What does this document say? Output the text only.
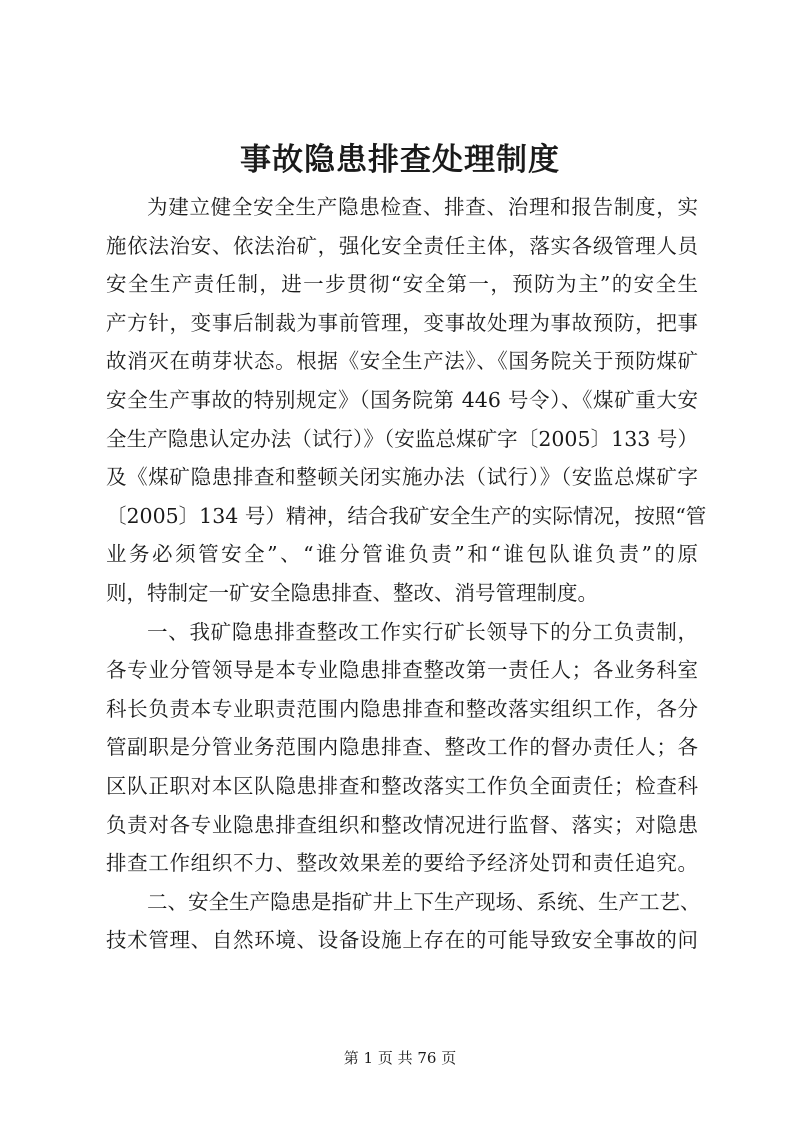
事故隐患排查处理制度
为建立健全安全生产隐患检查、排查、治理和报告制度，实
施依法治安、依法治矿，强化安全责任主体，落实各级管理人员
安全生产责任制，进一步贯彻“安全第一，预防为主”的安全生
产方针，变事后制裁为事前管理，变事故处理为事故预防，把事
故消灭在萌芽状态。根据《安全生产法》、《国务院关于预防煤矿
安全生产事故的特别规定》（国务院第 446 号令）、《煤矿重大安
全生产隐患认定办法（试行）》（安监总煤矿字〔2005〕133 号）
及《煤矿隐患排查和整顿关闭实施办法（试行）》（安监总煤矿字
〔2005〕134 号）精神，结合我矿安全生产的实际情况，按照“管
业务必须管安全”、“谁分管谁负责”和“谁包队谁负责”的原
则，特制定一矿安全隐患排查、整改、消号管理制度。
一、我矿隐患排查整改工作实行矿长领导下的分工负责制，
各专业分管领导是本专业隐患排查整改第一责任人；各业务科室
科长负责本专业职责范围内隐患排查和整改落实组织工作，各分
管副职是分管业务范围内隐患排查、整改工作的督办责任人；各
区队正职对本区队隐患排查和整改落实工作负全面责任；检查科
负责对各专业隐患排查组织和整改情况进行监督、落实；对隐患
排查工作组织不力、整改效果差的要给予经济处罚和责任追究。
二、安全生产隐患是指矿井上下生产现场、系统、生产工艺、
技术管理、自然环境、设备设施上存在的可能导致安全事故的问
第 1 页 共 76 页
